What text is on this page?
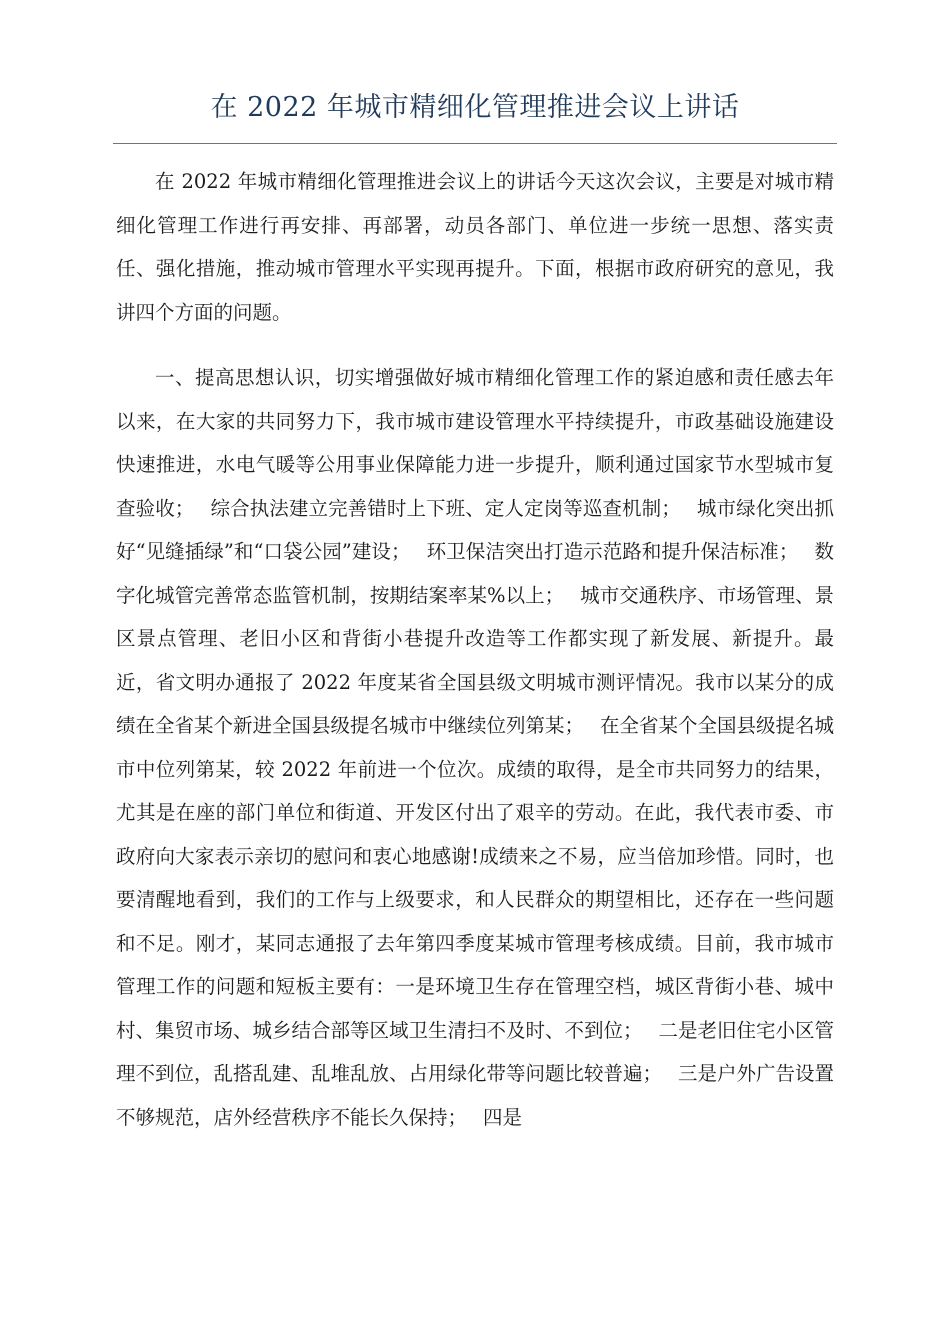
在 2022 年城市精细化管理推进会议上讲话

在 2022 年城市精细化管理推进会议上的讲话今天这次会议，主要是对城市精细化管理工作进行再安排、再部署，动员各部门、单位进一步统一思想、落实责任、强化措施，推动城市管理水平实现再提升。下面，根据市政府研究的意见，我讲四个方面的问题。

一、提高思想认识，切实增强做好城市精细化管理工作的紧迫感和责任感去年以来，在大家的共同努力下，我市城市建设管理水平持续提升，市政基础设施建设快速推进，水电气暖等公用事业保障能力进一步提升，顺利通过国家节水型城市复查验收；　 综合执法建立完善错时上下班、定人定岗等巡查机制；　 城市绿化突出抓好“见缝插绿”和“口袋公园”建设；　 环卫保洁突出打造示范路和提升保洁标准；　 数字化城管完善常态监管机制，按期结案率某%以上；　 城市交通秩序、市场管理、景区景点管理、老旧小区和背街小巷提升改造等工作都实现了新发展、新提升。最近，省文明办通报了 2022 年度某省全国县级文明城市测评情况。我市以某分的成绩在全省某个新进全国县级提名城市中继续位列第某；　 在全省某个全国县级提名城市中位列第某，较 2022 年前进一个位次。成绩的取得，是全市共同努力的结果，尤其是在座的部门单位和街道、开发区付出了艰辛的劳动。在此，我代表市委、市政府向大家表示亲切的慰问和衷心地感谢!成绩来之不易，应当倍加珍惜。同时，也要清醒地看到，我们的工作与上级要求，和人民群众的期望相比，还存在一些问题和不足。刚才，某同志通报了去年第四季度某城市管理考核成绩。目前，我市城市管理工作的问题和短板主要有：一是环境卫生存在管理空档，城区背街小巷、城中村、集贸市场、城乡结合部等区域卫生清扫不及时、不到位；　 二是老旧住宅小区管理不到位，乱搭乱建、乱堆乱放、占用绿化带等问题比较普遍；　 三是户外广告设置不够规范，店外经营秩序不能长久保持；　 四是
